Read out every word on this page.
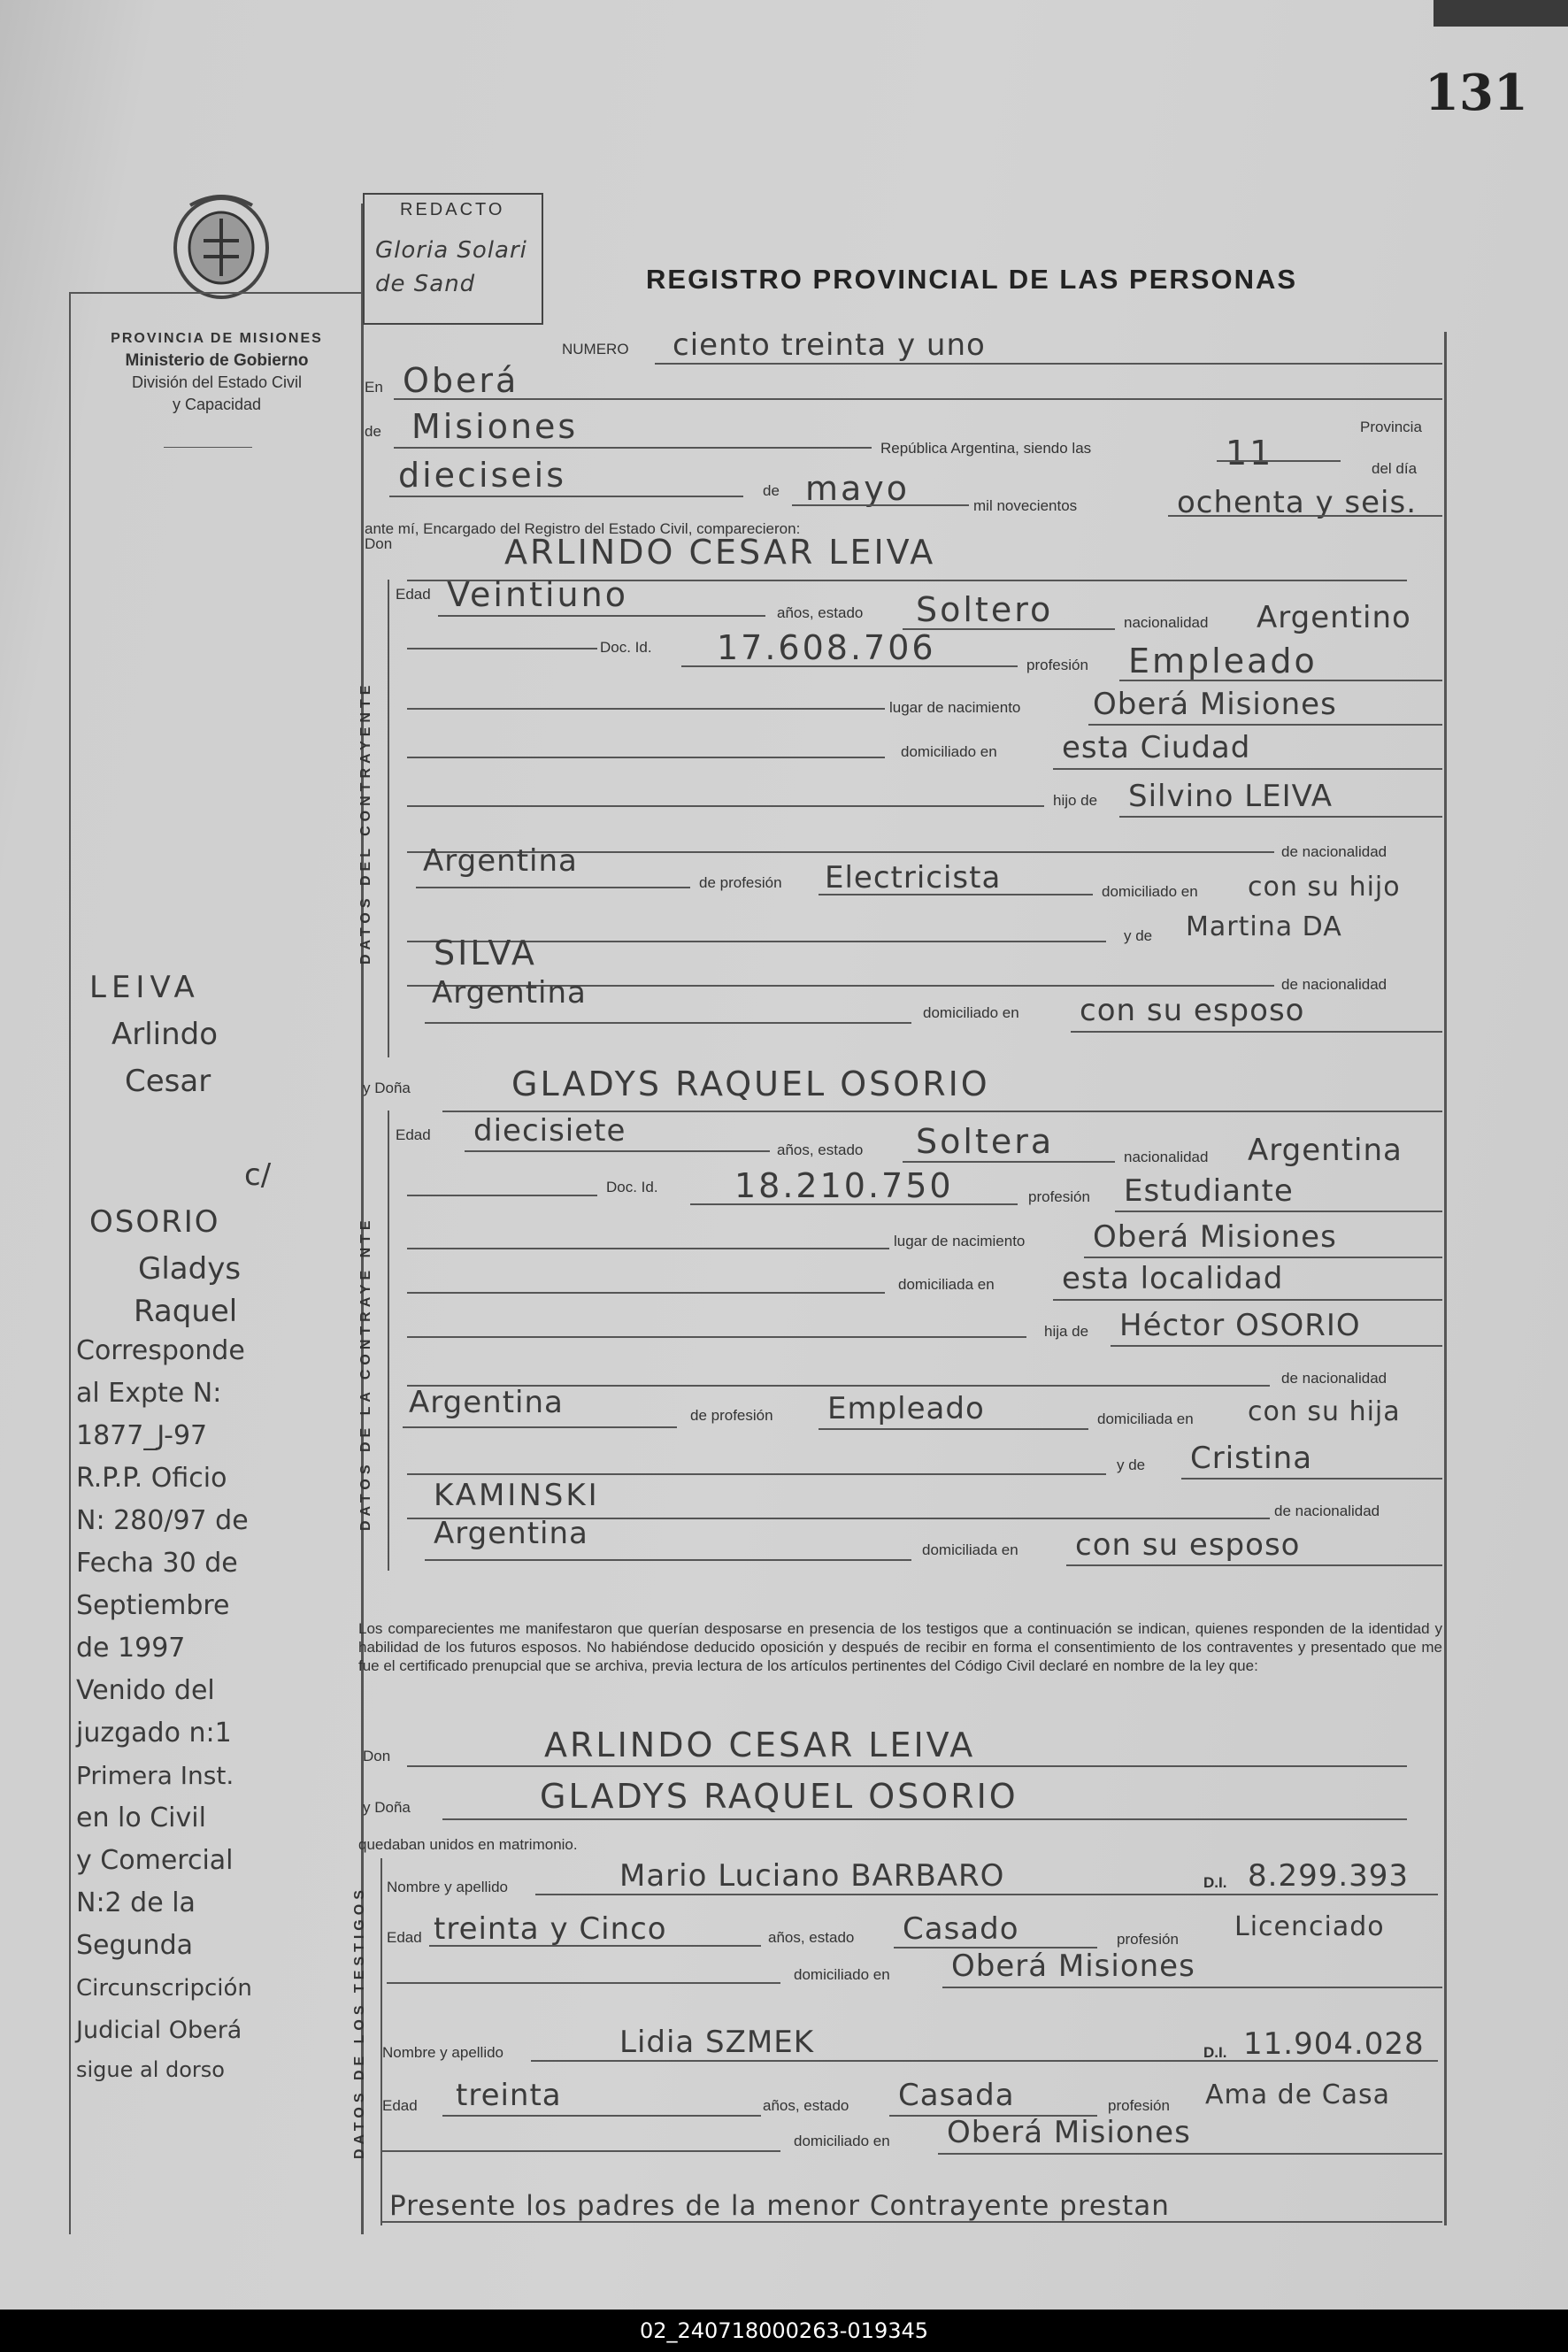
131
PROVINCIA DE MISIONES
Ministerio de Gobierno
División del Estado Civil
y Capacidad
REDACTO
Gloria Solari de Sand	REGISTRO PROVINCIAL DE LAS PERSONAS
NUMERO ciento treinta y uno
En Oberá
Provincia
de Misiones
República Argentina, siendo las	11	del día
dieciseis	de mayo	mil novecientos	ochenta y seis.
ante mí, Encargado del Registro del Estado Civil, comparecieron:
Don	ARLINDO CESAR LEIVA
DATOS DEL CONTRAYENTE
Edad Veintiuno	años, estado Soltero	nacionalidad Argentino
Doc. Id. 17.608.706	profesión Empleado
lugar de nacimiento Oberá Misiones
domiciliado en esta Ciudad
hijo de Silvino LEIVA
de nacionalidad
Argentina
de profesión Electricista	domiciliado en con su hijo
y de Martina DA
SILVA
de nacionalidad
Argentina
domiciliado en con su esposo
y Doña	GLADYS RAQUEL OSORIO
DATOS DE LA CONTRAYE NTE
Edad diecisiete
años, estado Soltera	nacionalidad Argentina
Doc. Id. 18.210.750	profesión Estudiante
lugar de nacimiento Oberá Misiones
domiciliada en esta localidad
hija de Héctor OSORIO
de nacionalidad
Argentina	de profesión Empleado	domiciliada en con su hija
y de Cristina
KAMINSKI	de nacionalidad
Argentina	domiciliada en con su esposo
Los comparecientes me manifestaron que querían desposarse en presencia de los testigos que a continuación se indican, quienes responden de la identidad y habilidad de los futuros esposos. No habiéndose deducido oposición y después de recibir en forma el consentimiento de los contraventes y presentado que me fue el certificado prenupcial que se archiva, previa lectura de los artículos pertinentes del Código Civil declaré en nombre de la ley que:
Don	ARLINDO CESAR LEIVA
y Doña	GLADYS RAQUEL OSORIO
quedaban unidos en matrimonio.
DATOS DE LOS TESTIGOS Nombre y apellido	Mario Luciano BARBARO	D.I. 8.299.393
Edad treinta y Cinco	años, estado Casado	profesión Licenciado
domiciliado en Oberá Misiones
Nombre y apellido	Lidia SZMEK	D.I. 11.904.028
Edad treinta	años, estado Casada	profesión Ama de Casa
domiciliado en Oberá Misiones
Presente los padres de la menor Contrayente prestan
LEIVA
Arlindo
Cesar

c/
OSORIO
Gladys
Raquel
Corresponde
al Expte N:
1877_J-97
R.P.P. Oficio
N: 280/97 de
Fecha 30 de
Septiembre
de 1997
Venido del
juzgado n:1
Primera Inst.
en lo Civil
y Comercial
N:2 de la
Segunda
Circunscripción
Judicial Oberá
sigue al dorso
02_240718000263-019345
